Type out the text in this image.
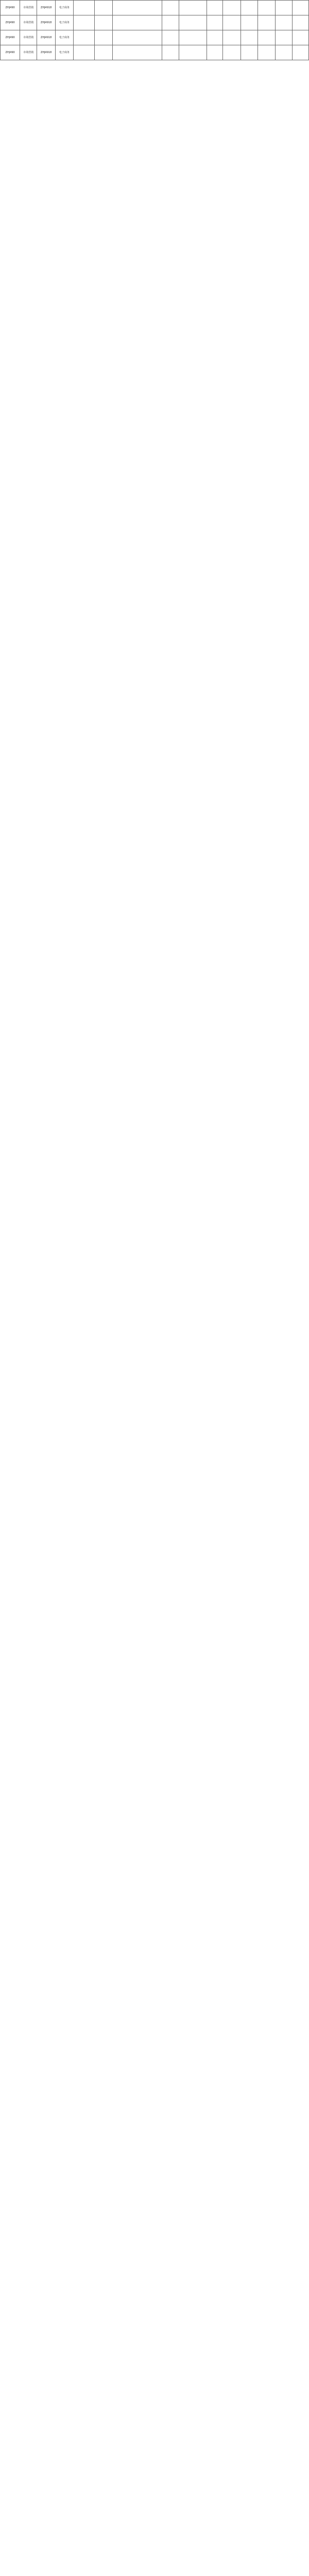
ZHJ490	市场营销	ZHJ4918	电子商务											
ZHJ490	市场营销	ZHJ4918	电子商务											
ZHJ490	市场营销	ZHJ4918	电子商务											
ZHJ490	市场营销	ZHJ4918	电子商务											
